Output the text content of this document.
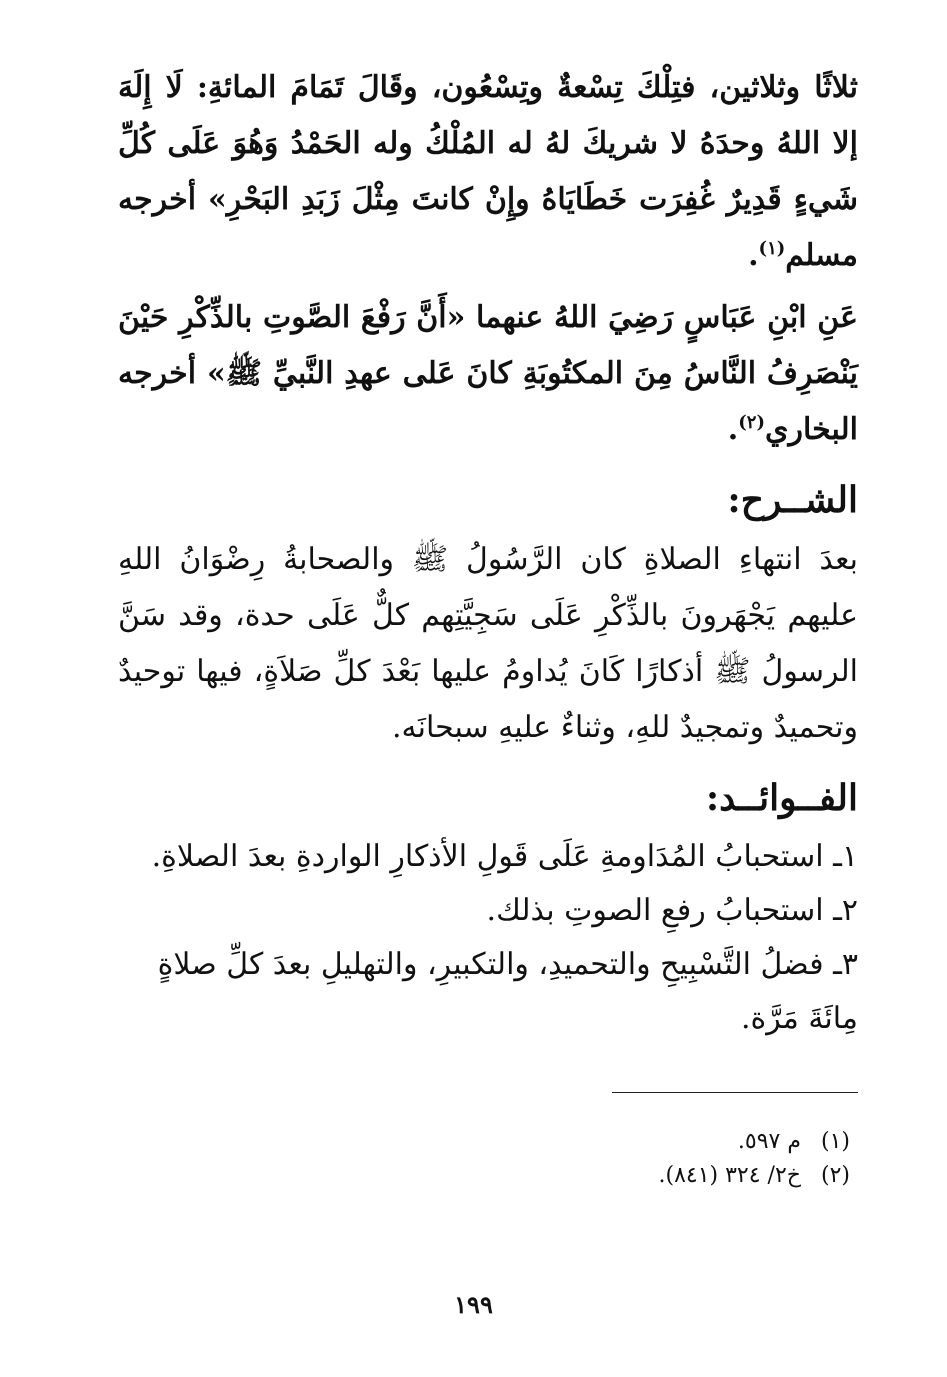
ثلاثًا وثلاثين، فتِلْكَ تِسْعةٌ وتِسْعُون، وقَالَ تَمَامَ المائةِ: لَا إِلَهَ إلا اللهُ وحدَهُ لا شريكَ لهُ له المُلْكُ وله الحَمْدُ وَهُوَ عَلَى كُلِّ شَيءٍ قَدِيرٌ غُفِرَت خَطَايَاهُ وإِنْ كانتَ مِثْلَ زَبَدِ البَحْرِ» أخرجه مسلم$^{(١)}$.

عَنِ ابْنِ عَبَاسٍ رَضِيَ اللهُ عنهما «أَنَّ رَفْعَ الصَّوتِ بالذِّكْرِ حَيْنَ يَنْصَرِفُ النَّاسُ مِنَ المكتُوبَةِ كانَ عَلى عهدِ النَّبيِّ ﷺ» أخرجه البخاري$^{(٢)}$.

الشــرح:

بعدَ انتهاءِ الصلاةِ كان الرَّسُولُ ﷺ والصحابةُ رِضْوَانُ اللهِ عليهم يَجْهَرونَ بالذِّكْرِ عَلَى سَجِيَّتِهم كلٌّ عَلَى حدة، وقد سَنَّ الرسولُ ﷺ أذكارًا كَانَ يُداومُ عليها بَعْدَ كلِّ صَلاَةٍ، فيها توحيدٌ وتحميدٌ وتمجيدٌ للهِ، وثناءٌ عليهِ سبحانَه.

الفــوائــد:
١ـ استحبابُ المُدَاومةِ عَلَى قَولِ الأذكارِ الواردةِ بعدَ الصلاةِ.
٢ـ استحبابُ رفعِ الصوتِ بذلك.
٣ـ فضلُ التَّسْبِيحِ والتحميدِ، والتكبيرِ، والتهليلِ بعدَ كلِّ صلاةٍ مِائَةَ مَرَّة.
(١) م ٥٩٧.
(٢) خ٢/ ٣٢٤ (٨٤١).
١٩٩
